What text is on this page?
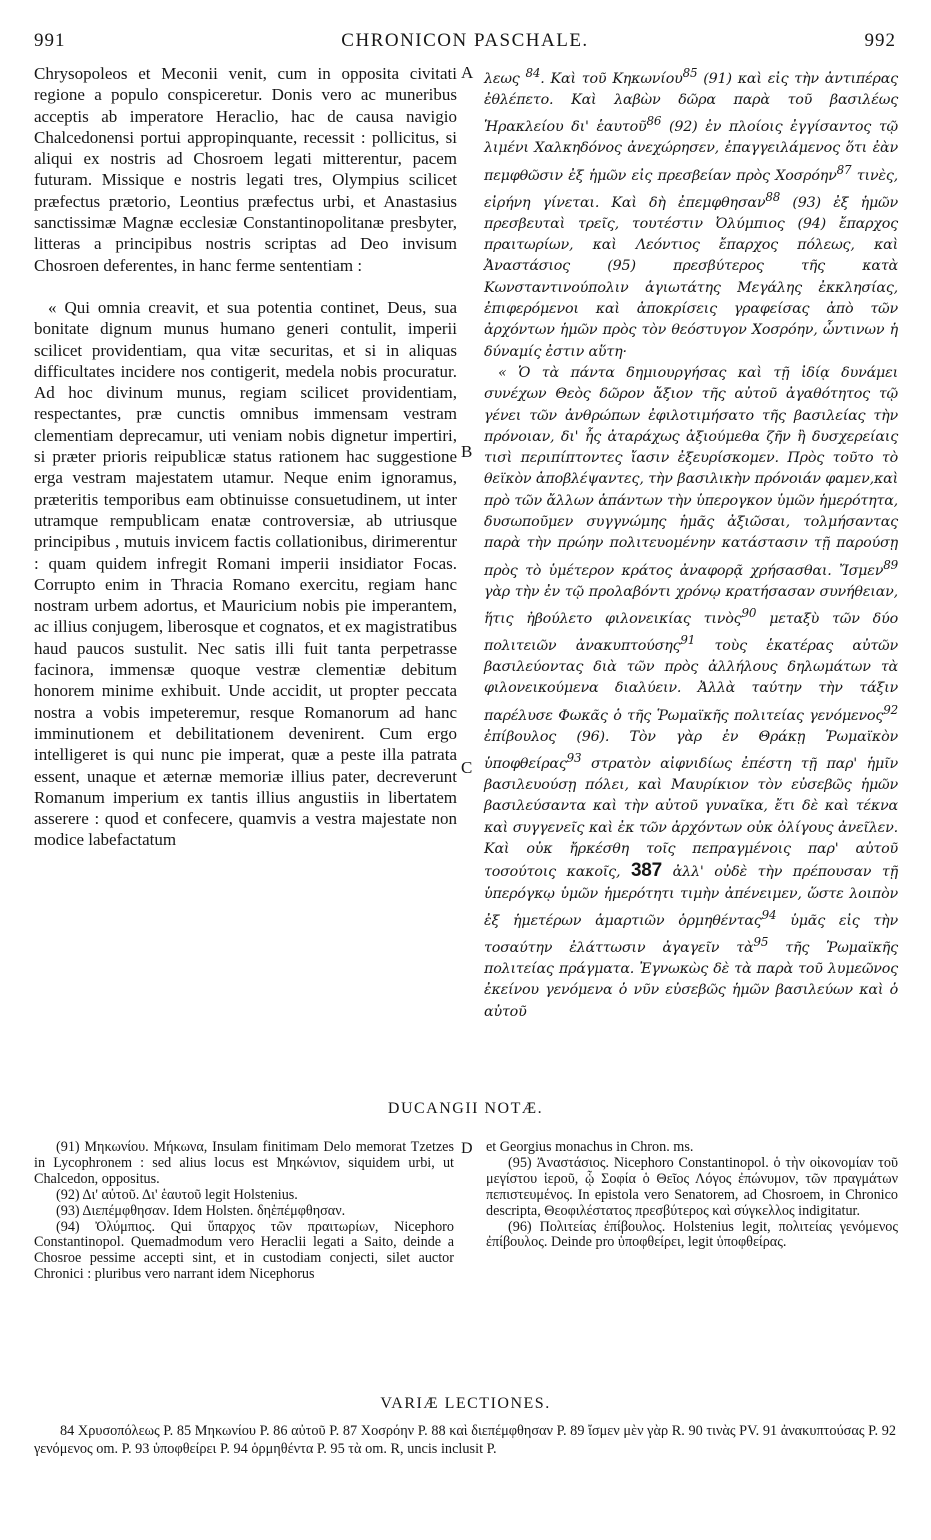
991	CHRONICON PASCHALE.	992

Chrysopoleos et Meconii venit, cum in opposita civitati regione a populo conspiceretur. Donis vero ac muneribus acceptis ab imperatore Heraclio, hac de causa navigio Chalcedonensi portui appropinquante, recessit : pollicitus, si aliqui ex nostris ad Chosroem legati mitterentur, pacem futuram. Missique e nostris legati tres, Olympius scilicet præfectus prætorio, Leontius præfectus urbi, et Anastasius sanctissimæ Magnæ ecclesiæ Constantinopolitanæ presbyter, litteras a principibus nostris scriptas ad Deo invisum Chosroen deferentes, in hanc ferme sententiam :

« Qui omnia creavit, et sua potentia continet, Deus, sua bonitate dignum munus humano generi contulit, imperii scilicet providentiam, qua vitæ securitas, et si in aliquas difficultates incidere nos contigerit, medela nobis procuratur. Ad hoc divinum munus, regiam scilicet providentiam, respectantes, præ cunctis omnibus immensam vestram clementiam deprecamur, uti veniam nobis dignetur impertiri, si præter prioris reipublicæ status rationem hac suggestione erga vestram majestatem utamur. Neque enim ignoramus, præteritis temporibus eam obtinuisse consuetudinem, ut inter utramque rempublicam enatæ controversiæ, ab utriusque principibus , mutuis invicem factis collationibus, dirimerentur : quam quidem infregit Romani imperii insidiator Focas. Corrupto enim in Thracia Romano exercitu, regiam hanc nostram urbem adortus, et Mauricium nobis pie imperantem, ac illius conjugem, liberosque et cognatos, et ex magistratibus haud paucos sustulit. Nec satis illi fuit tanta perpetrasse facinora, immensæ quoque vestræ clementiæ debitum honorem minime exhibuit. Unde accidit, ut propter peccata nostra a vobis impeteremur, resque Romanorum ad hanc imminutionem et debilitationem devenirent. Cum ergo intelligeret is qui nunc pie imperat, quæ a peste illa patrata essent, unaque et æternæ memoriæ illius pater, decreverunt Romanum imperium ex tantis illius angustiis in libertatem asserere : quod et confecere, quamvis a vestra majestate non modice labefactatum

A
B
C

λεως $^{84}$. Καὶ τοῦ Κηκωνίου$^{85}$ (91) καὶ εἰς τὴν ἀντιπέρας ἐθλέπετο. Καὶ λαβὼν δῶρα παρὰ τοῦ βασιλέως Ἡρακλείου δι' ἑαυτοῦ$^{86}$ (92) ἐν πλοίοις ἐγγίσαντος τῷ λιμένι Χαλκηδόνος ἀνεχώρησεν, ἐπαγγειλάμενος ὅτι ἐὰν πεμφθῶσιν ἐξ ἡμῶν εἰς πρεσβείαν πρὸς Χοσρόην$^{87}$ τινὲς, εἰρήνη γίνεται. Καὶ δὴ ἐπεμφθησαν$^{88}$ (93) ἐξ ἡμῶν πρεσβευταὶ τρεῖς, τουτέστιν Ὀλύμπιος (94) ἔπαρχος πραιτωρίων, καὶ Λεόντιος ἔπαρχος πόλεως, καὶ Ἀναστάσιος (95) πρεσβύτερος τῆς κατὰ Κωνσταντινούπολιν ἁγιωτάτης Μεγάλης ἐκκλησίας, ἐπιφερόμενοι καὶ ἀποκρίσεις γραφείσας ἀπὸ τῶν ἀρχόντων ἡμῶν πρὸς τὸν θεόστυγον Χοσρόην, ὧντινων ἡ δύναμίς ἐστιν αὕτη·

« Ὁ τὰ πάντα δημιουργήσας καὶ τῇ ἰδίᾳ δυνάμει συνέχων Θεὸς δῶρον ἄξιον τῆς αὐτοῦ ἀγαθότητος τῷ γένει τῶν ἀνθρώπων ἐφιλοτιμήσατο τῆς βασιλείας τὴν πρόνοιαν, δι' ἧς ἀταράχως ἀξιούμεθα ζῆν ἢ δυσχερείαις τισὶ περιπίπτοντες ἴασιν ἐξευρίσκομεν. Πρὸς τοῦτο τὸ θεϊκὸν ἀποβλέψαντες, τὴν βασιλικὴν πρόνοιάν φαμεν,καὶ πρὸ τῶν ἄλλων ἁπάντων τὴν ὑπερογκον ὑμῶν ἡμερότητα, δυσωποῦμεν συγγνώμης ἡμᾶς ἀξιῶσαι, τολμήσαντας παρὰ τὴν πρώην πολιτευομένην κατάστασιν τῇ παρούσῃ πρὸς τὸ ὑμέτερον κράτος ἀναφορᾷ χρήσασθαι. Ἴσμεν$^{89}$ γὰρ τὴν ἐν τῷ προλαβόντι χρόνῳ κρατήσασαν συνήθειαν, ἥτις ἠβούλετο φιλονεικίας τινὸς$^{90}$ μεταξὺ τῶν δύο πολιτειῶν ἀνακυπτούσης$^{91}$ τοὺς ἑκατέρας αὐτῶν βασιλεύοντας διὰ τῶν πρὸς ἀλλήλους δηλωμάτων τὰ φιλονεικούμενα διαλύειν. Ἀλλὰ ταύτην τὴν τάξιν παρέλυσε Φωκᾶς ὁ τῆς Ῥωμαϊκῆς πολιτείας γενόμενος$^{92}$ ἐπίβουλος (96). Τὸν γὰρ ἐν Θράκῃ Ῥωμαϊκὸν ὑποφθείρας$^{93}$ στρατὸν αἰφνιδίως ἐπέστη τῇ παρ' ἡμῖν βασιλευούσῃ πόλει, καὶ Μαυρίκιον τὸν εὐσεβῶς ἡμῶν βασιλεύσαντα καὶ τὴν αὐτοῦ γυναῖκα, ἔτι δὲ καὶ τέκνα καὶ συγγενεῖς καὶ ἐκ τῶν ἀρχόντων οὐκ ὀλίγους ἀνεῖλεν. Καὶ οὐκ ἤρκέσθη τοῖς πεπραγμένοις παρ' αὐτοῦ τοσούτοις κακοῖς, 387 ἀλλ' οὐδὲ τὴν πρέπουσαν τῇ ὑπερόγκῳ ὑμῶν ἡμερότητι τιμὴν ἀπένειμεν, ὥστε λοιπὸν ἐξ ἡμετέρων ἁμαρτιῶν ὁρμηθέντας$^{94}$ ὑμᾶς εἰς τὴν τοσαύτην ἐλάττωσιν ἀγαγεῖν τὰ$^{95}$ τῆς Ῥωμαϊκῆς πολιτείας πράγματα. Ἐγνωκὼς δὲ τὰ παρὰ τοῦ λυμεῶνος ἐκείνου γενόμενα ὁ νῦν εὐσεβῶς ἡμῶν βασιλεύων καὶ ὁ αὐτοῦ

DUCANGII NOTÆ.

(91) Μηκωνίου. Μήκωνα, Insulam finitimam Delo memorat Tzetzes in Lycophronem : sed alius locus est Μηκώνιον, siquidem urbi, ut Chalcedon, oppositus.

(92) Δι' αὐτοῦ. Δι' ἑαυτοῦ legit Holstenius.

(93) Διεπέμφθησαν. Idem Holsten. δηἑπέμφθησαν.

(94) Ὀλύμπιος. Qui ὕπαρχος τῶν πραιτωρίων, Nicephoro Constantinopol. Quemadmodum vero Heraclii legati a Saito, deinde a Chosroe pessime accepti sint, et in custodiam conjecti, silet auctor Chronici : pluribus vero narrant idem Nicephorus

D et Georgius monachus in Chron. ms.

(95) Ἀναστάσιος. Nicephoro Constantinopol. ὁ τὴν οἰκονομίαν τοῦ μεγίστου ἱεροῦ, ᾧ Σοφία ὁ Θεῖος Λόγος ἐπώνυμον, τῶν πραγμάτων πεπιστευμένος. In epistola vero Senatorem, ad Chosroem, in Chronico descripta, Θεοφιλέστατος πρεσβύτερος καὶ σύγκελλος indigitatur.

(96) Πολιτείας ἐπίβουλος. Holstenius legit, πολιτείας γενόμενος ἐπίβουλος. Deinde pro ὑποφθείρει, legit ὑποφθείρας.

VARIÆ LECTIONES.

84 Χρυσοπόλεως P. 85 Μηκωνίου P. 86 αὐτοῦ P. 87 Χοσρόην P. 88 καὶ διεπέμφθησαν P. 89 ἴσμεν μὲν γὰρ R. 90 τινὰς PV. 91 ἀνακυπτούσας P. 92 γενόμενος om. P. 93 ὑποφθείρει P. 94 ὁρμηθέντα P. 95 τὰ om. R, uncis inclusit P.
